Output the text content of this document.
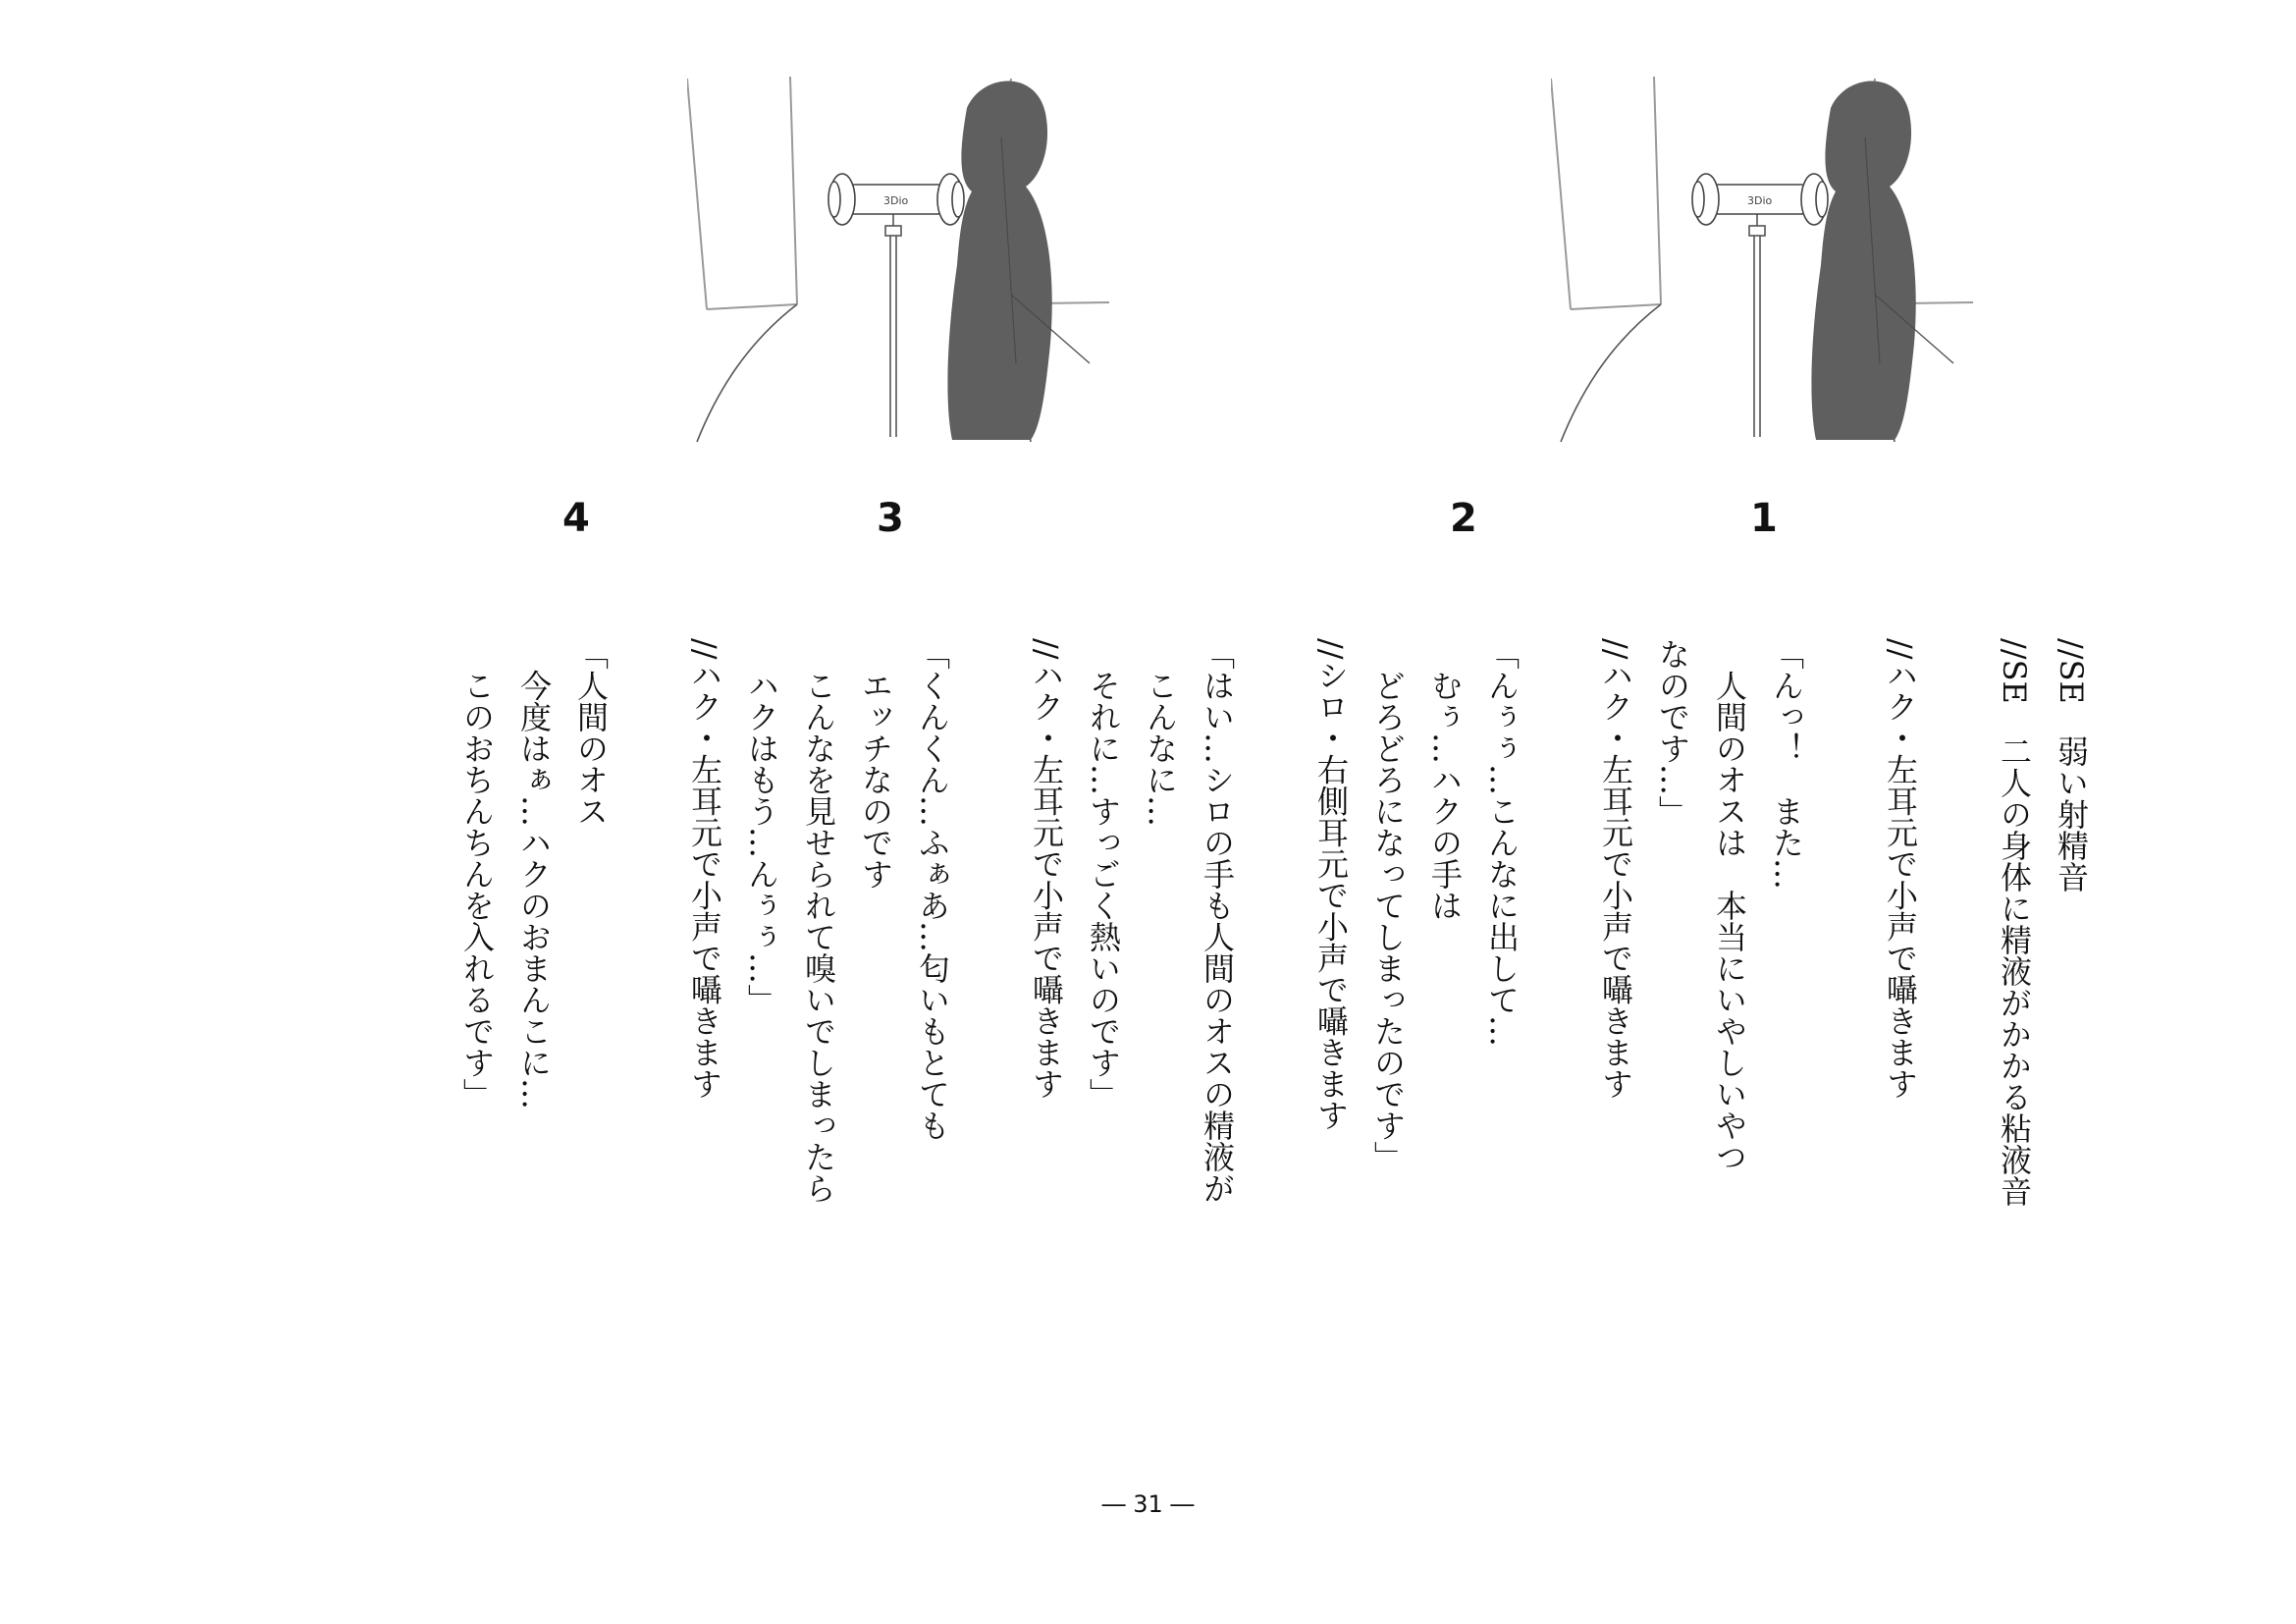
3Dio	3Dio
4	3	2	1
//SE　弱い射精音
//SE　二人の身体に精液がかかる粘液音
//ハク・左耳元で小声で囁きます
「んっ！　また…
人間のオスは　本当にいやしいやつ
なのです…」
//ハク・左耳元で小声で囁きます
「んぅぅ…こんなに出して…
むぅ…ハクの手は
どろどろになってしまったのです」
//シロ・右側耳元で小声で囁きます
「はい…シロの手も人間のオスの精液が
こんなに…
それに…すっごく熱いのです」
//ハク・左耳元で小声で囁きます
「くんくん…ふぁあ…匂いもとても
エッチなのです
こんなを見せられて嗅いでしまったら
ハクはもう…んぅぅ…」
//ハク・左耳元で小声で囁きます
「人間のオス
今度はぁ…ハクのおまんこに…
このおちんちんを入れるです」
― 31 ―
